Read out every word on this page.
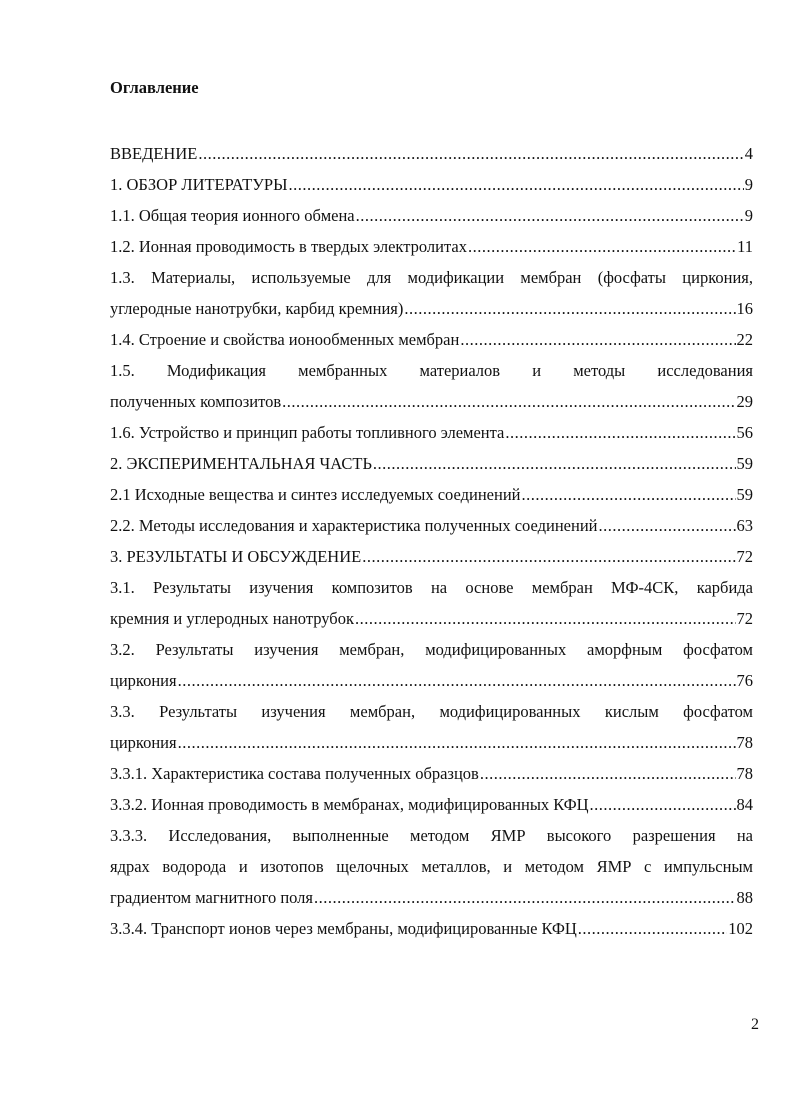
Оглавление
ВВЕДЕНИЕ .....	4
1. ОБЗОР ЛИТЕРАТУРЫ .....	9
1.1. Общая теория ионного обмена .....	9
1.2. Ионная проводимость в твердых электролитах .....	11
1.3. Материалы, используемые для модификации мембран (фосфаты циркония,
углеродные нанотрубки, карбид кремния) .....	16
1.4. Строение и свойства ионообменных мембран .....	22
1.5. Модификация мембранных материалов и методы исследования
полученных композитов .....	29
1.6. Устройство и принцип работы топливного элемента .....	56
2. ЭКСПЕРИМЕНТАЛЬНАЯ ЧАСТЬ .....	59
2.1 Исходные вещества и синтез исследуемых соединений .....	59
2.2. Методы исследования и характеристика полученных соединений .....	63
3. РЕЗУЛЬТАТЫ И ОБСУЖДЕНИЕ .....	72
3.1. Результаты изучения композитов на основе мембран МФ-4СК, карбида
кремния и углеродных нанотрубок .....	72
3.2. Результаты изучения мембран, модифицированных аморфным фосфатом
циркония .....	76
3.3. Результаты изучения мембран, модифицированных кислым фосфатом
циркония .....	78
3.3.1. Характеристика состава полученных образцов .....	78
3.3.2. Ионная проводимость в мембранах, модифицированных КФЦ .....	84
3.3.3. Исследования, выполненные методом ЯМР высокого разрешения на
ядрах водорода и изотопов щелочных металлов, и методом ЯМР с импульсным
градиентом магнитного поля .....	88
3.3.4. Транспорт ионов через мембраны, модифицированные КФЦ .....	102
2
